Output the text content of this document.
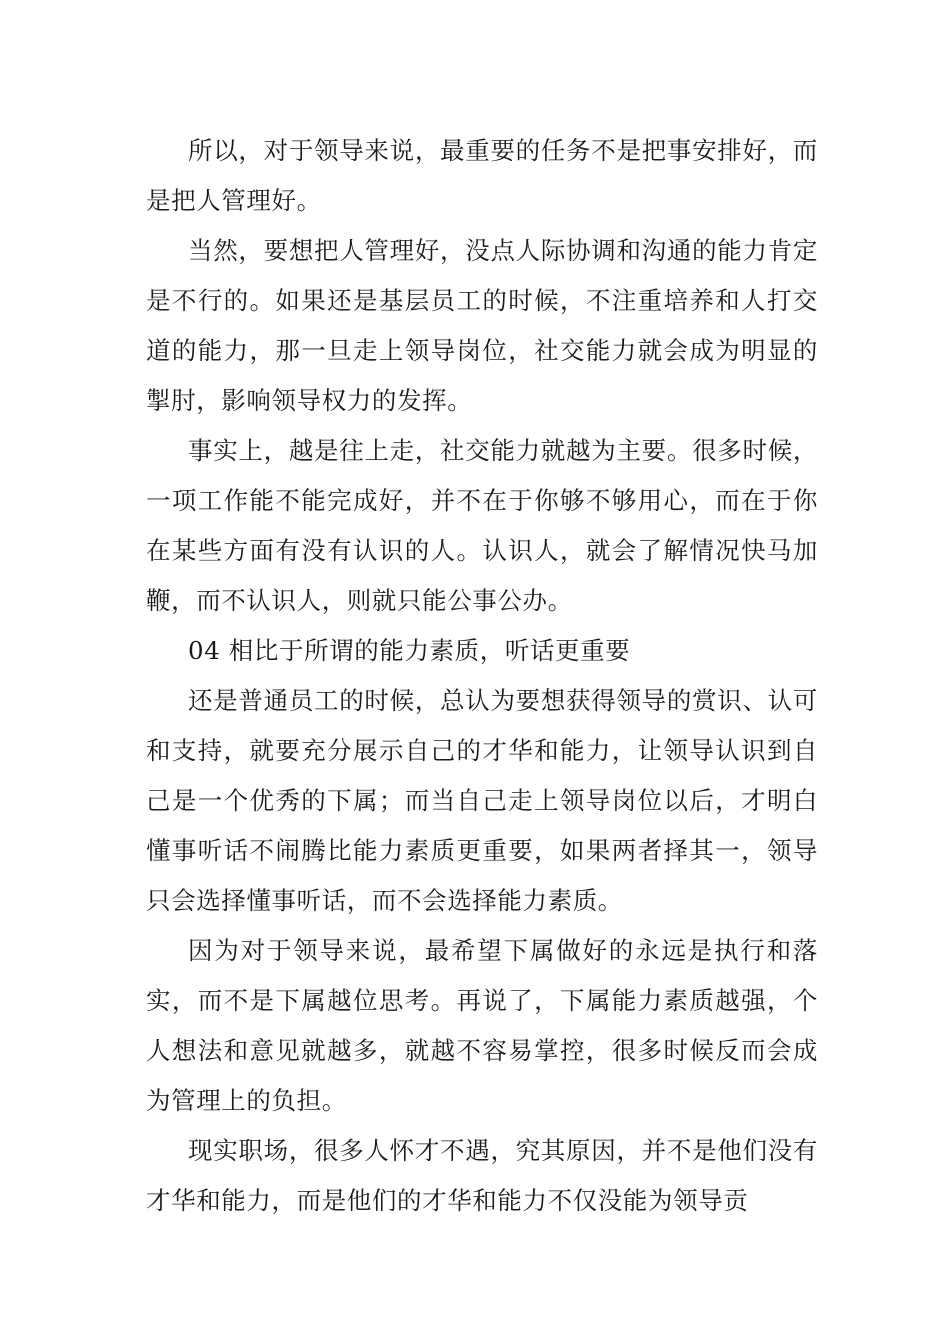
所以，对于领导来说，最重要的任务不是把事安排好，而是把人管理好。

当然，要想把人管理好，没点人际协调和沟通的能力肯定是不行的。如果还是基层员工的时候，不注重培养和人打交道的能力，那一旦走上领导岗位，社交能力就会成为明显的掣肘，影响领导权力的发挥。

事实上，越是往上走，社交能力就越为主要。很多时候，一项工作能不能完成好，并不在于你够不够用心，而在于你在某些方面有没有认识的人。认识人，就会了解情况快马加鞭，而不认识人，则就只能公事公办。

04 相比于所谓的能力素质，听话更重要

还是普通员工的时候，总认为要想获得领导的赏识、认可和支持，就要充分展示自己的才华和能力，让领导认识到自己是一个优秀的下属；而当自己走上领导岗位以后，才明白懂事听话不闹腾比能力素质更重要，如果两者择其一，领导只会选择懂事听话，而不会选择能力素质。

因为对于领导来说，最希望下属做好的永远是执行和落实，而不是下属越位思考。再说了，下属能力素质越强，个人想法和意见就越多，就越不容易掌控，很多时候反而会成为管理上的负担。

现实职场，很多人怀才不遇，究其原因，并不是他们没有才华和能力，而是他们的才华和能力不仅没能为领导贡
